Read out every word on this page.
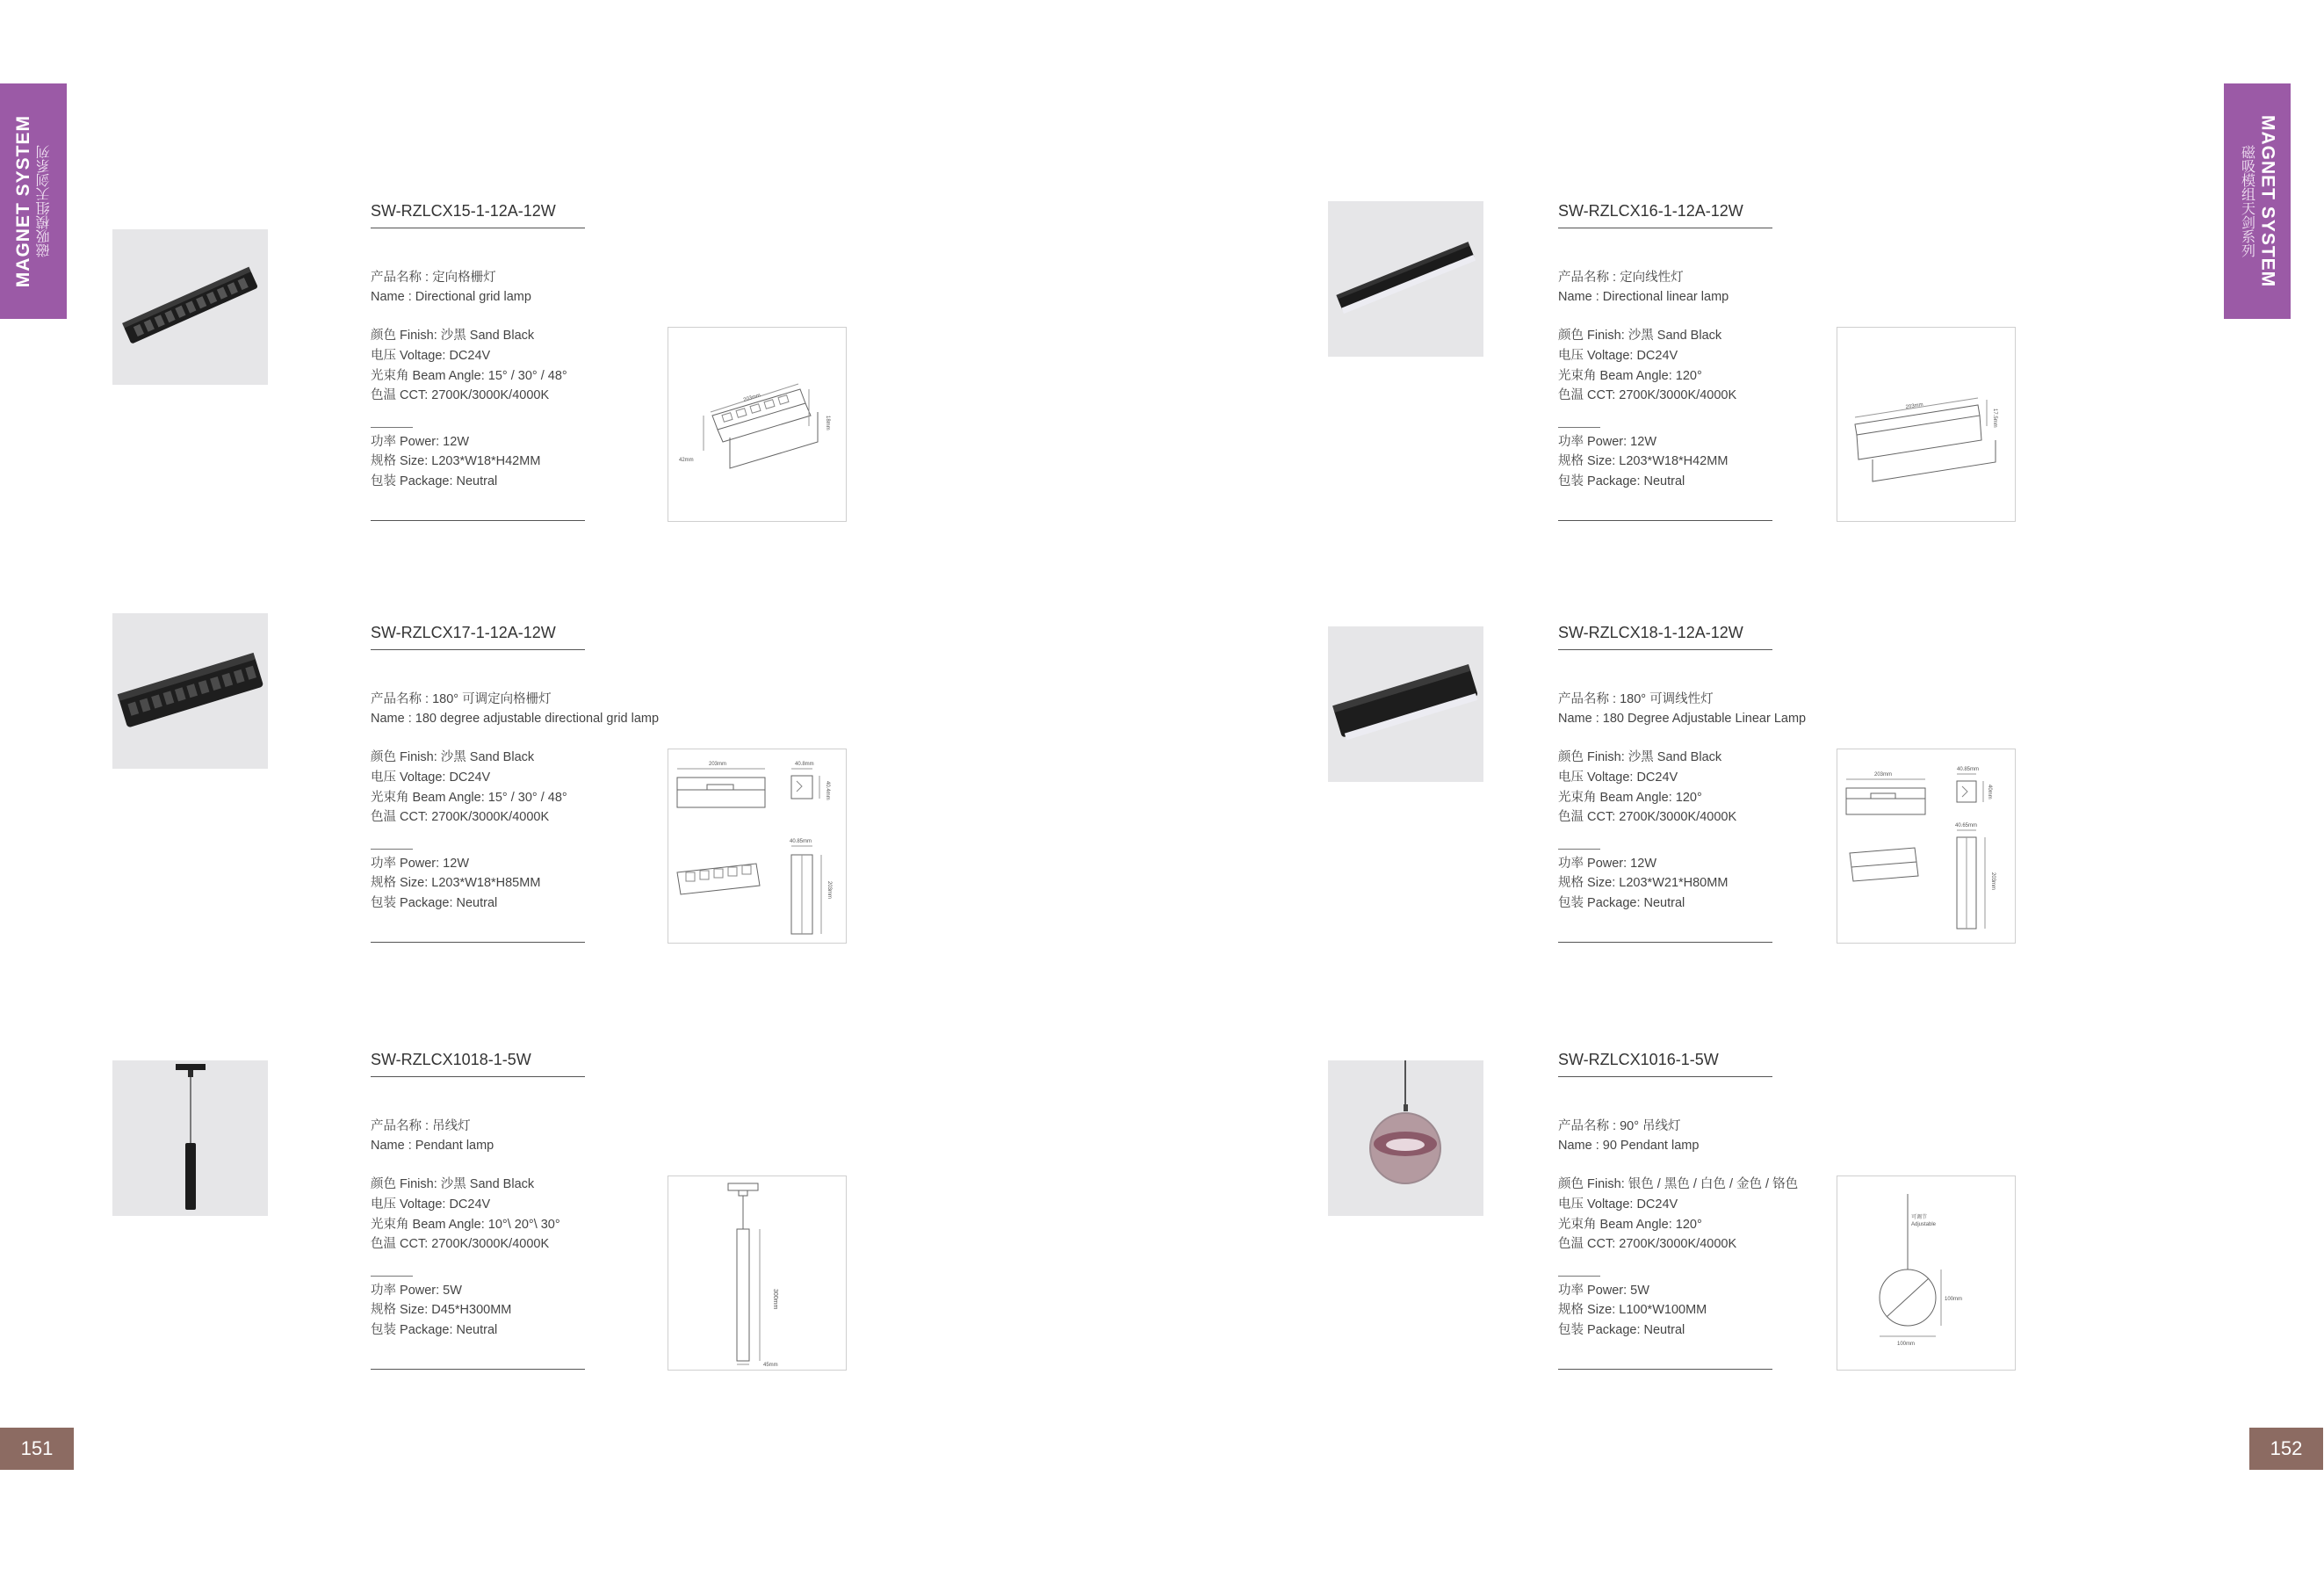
MAGNET SYSTEM 磁吸模组天剑系列	MAGNET SYSTEM
磁吸模组天剑系列
151	152
SW-RZLCX15-1-12A-12W
产品名称 : 定向格栅灯
Name : Directional grid lamp
颜色 Finish: 沙黑 Sand Black
电压 Voltage: DC24V
光束角 Beam Angle: 15° / 30° / 48°
色温 CCT: 2700K/3000K/4000K
功率 Power: 12W
规格 Size: L203*W18*H42MM
包装 Package: Neutral
203mm
42mm
18mm
SW-RZLCX16-1-12A-12W
产品名称 : 定向线性灯
Name : Directional linear lamp
颜色 Finish: 沙黑 Sand Black
电压 Voltage: DC24V
光束角 Beam Angle: 120°
色温 CCT: 2700K/3000K/4000K
功率 Power: 12W
规格 Size: L203*W18*H42MM
包装 Package: Neutral
203mm
17.5mm
SW-RZLCX17-1-12A-12W
产品名称 : 180° 可调定向格栅灯
Name : 180 degree adjustable directional grid lamp
颜色 Finish: 沙黑 Sand Black
电压 Voltage: DC24V
光束角 Beam Angle: 15° / 30° / 48°
色温 CCT: 2700K/3000K/4000K
功率 Power: 12W
规格 Size: L203*W18*H85MM
包装 Package: Neutral
203mm	40.8mm
40.4mm
40.85mm
203mm
SW-RZLCX18-1-12A-12W
产品名称 : 180° 可调线性灯
Name : 180 Degree Adjustable Linear Lamp
颜色 Finish: 沙黑 Sand Black
电压 Voltage: DC24V
光束角 Beam Angle: 120°
色温 CCT: 2700K/3000K/4000K
功率 Power: 12W
规格 Size: L203*W21*H80MM
包装 Package: Neutral
203mm
40.85mm
40mm
40.65mm
203mm
SW-RZLCX1018-1-5W
产品名称 : 吊线灯
Name : Pendant lamp
颜色 Finish: 沙黑 Sand Black
电压 Voltage: DC24V
光束角 Beam Angle: 10°\ 20°\ 30°
色温 CCT: 2700K/3000K/4000K
功率 Power: 5W
规格 Size: D45*H300MM
包装 Package: Neutral
300mm
45mm
SW-RZLCX1016-1-5W
产品名称 : 90° 吊线灯
Name : 90 Pendant lamp
颜色 Finish: 银色 / 黑色 / 白色 / 金色 / 铬色
电压 Voltage: DC24V
光束角 Beam Angle: 120°
色温 CCT: 2700K/3000K/4000K
功率 Power: 5W
规格 Size: L100*W100MM
包装 Package: Neutral
可调节
Adjustable
100mm
100mm
